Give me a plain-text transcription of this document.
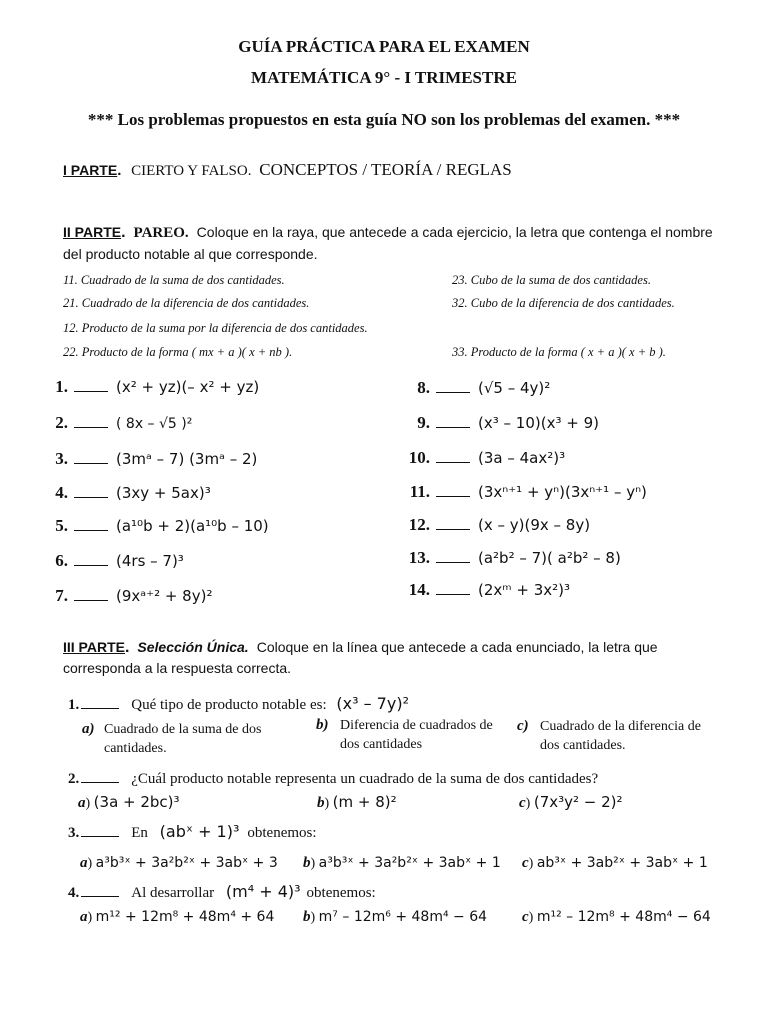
GUÍA PRÁCTICA PARA EL EXAMEN
MATEMÁTICA 9° - I TRIMESTRE
*** Los problemas propuestos en esta guía NO son los problemas del examen. ***
I PARTE. CIERTO Y FALSO. CONCEPTOS / TEORÍA / REGLAS
II PARTE. PAREO. Coloque en la raya, que antecede a cada ejercicio, la letra que contenga el nombre del producto notable al que corresponde.
11. Cuadrado de la suma de dos cantidades.
21. Cuadrado de la diferencia de dos cantidades.
12. Producto de la suma por la diferencia de dos cantidades.
22. Producto de la forma ( mx + a )( x + nb ).
23. Cubo de la suma de dos cantidades.
32. Cubo de la diferencia de dos cantidades.
33. Producto de la forma ( x + a )( x + b ).
1.	(x² + yz)(– x² + yz)
2.	( 8x – √5 )²
3.	(3mᵃ – 7) (3mᵃ – 2)
4.	(3xy + 5ax)³
5.	(a¹⁰b + 2)(a¹⁰b – 10)
6.	(4rs – 7)³
7.	(9xᵃ⁺² + 8y)²
8.	(√5 – 4y)²
9.	(x³ – 10)(x³ + 9)
10.	(3a – 4ax²)³
11.	(3xⁿ⁺¹ + yⁿ)(3xⁿ⁺¹ – yⁿ)
12.	(x – y)(9x – 8y)
13.	(a²b² – 7)( a²b² – 8)
14.	(2xᵐ + 3x²)³
III PARTE. Selección Única. Coloque en la línea que antecede a cada enunciado, la letra que corresponda a la respuesta correcta.
1.	Qué tipo de producto notable es: (x³ – 7y)²
a) Cuadrado de la suma de dos cantidades.
b) Diferencia de cuadrados de dos cantidades
c) Cuadrado de la diferencia de dos cantidades.
2.	¿Cuál producto notable representa un cuadrado de la suma de dos cantidades?
a) (3a + 2bc)³	b) (m + 8)²	c) (7x³y² − 2)²
3.	En (abˣ + 1)³ obtenemos:
a) a³b³ˣ + 3a²b²ˣ + 3abˣ + 3 b) a³b³ˣ + 3a²b²ˣ + 3abˣ + 1 c) ab³ˣ + 3ab²ˣ + 3abˣ + 1
4.	Al desarrollar (m⁴ + 4)³ obtenemos:
a) m¹² + 12m⁸ + 48m⁴ + 64 b) m⁷ – 12m⁶ + 48m⁴ − 64 c) m¹² – 12m⁸ + 48m⁴ − 64
